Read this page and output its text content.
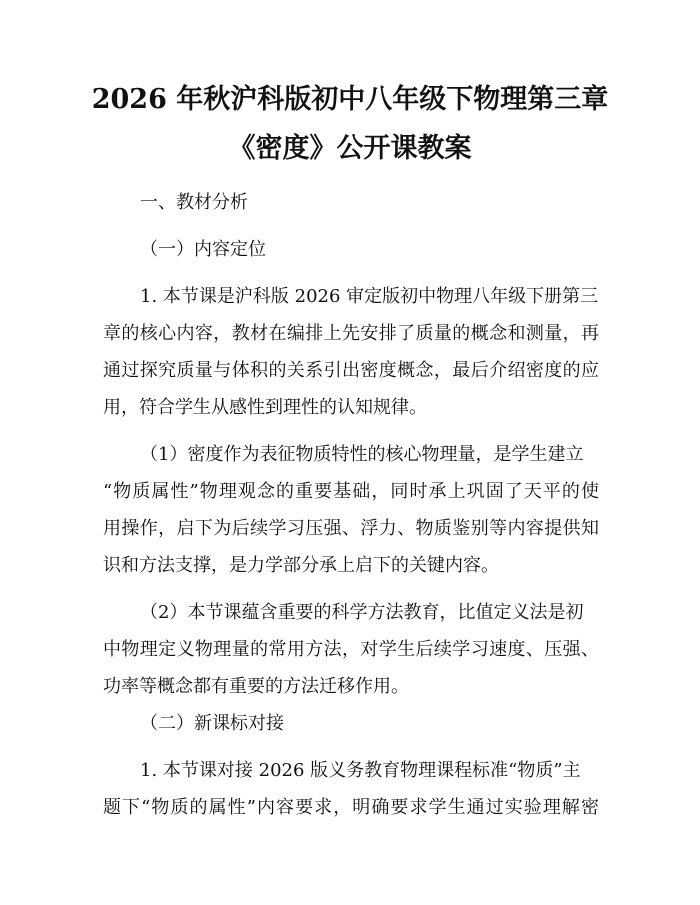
2026 年秋沪科版初中八年级下物理第三章
《密度》公开课教案
一、教材分析
（一）内容定位
1. 本节课是沪科版 2026 审定版初中物理八年级下册第三
章的核心内容，教材在编排上先安排了质量的概念和测量，再
通过探究质量与体积的关系引出密度概念，最后介绍密度的应
用，符合学生从感性到理性的认知规律。
（1）密度作为表征物质特性的核心物理量，是学生建立
“物质属性”物理观念的重要基础，同时承上巩固了天平的使
用操作，启下为后续学习压强、浮力、物质鉴别等内容提供知
识和方法支撑，是力学部分承上启下的关键内容。
（2）本节课蕴含重要的科学方法教育，比值定义法是初
中物理定义物理量的常用方法，对学生后续学习速度、压强、
功率等概念都有重要的方法迁移作用。
（二）新课标对接
1. 本节课对接 2026 版义务教育物理课程标准“物质”主
题下“物质的属性”内容要求，明确要求学生通过实验理解密
